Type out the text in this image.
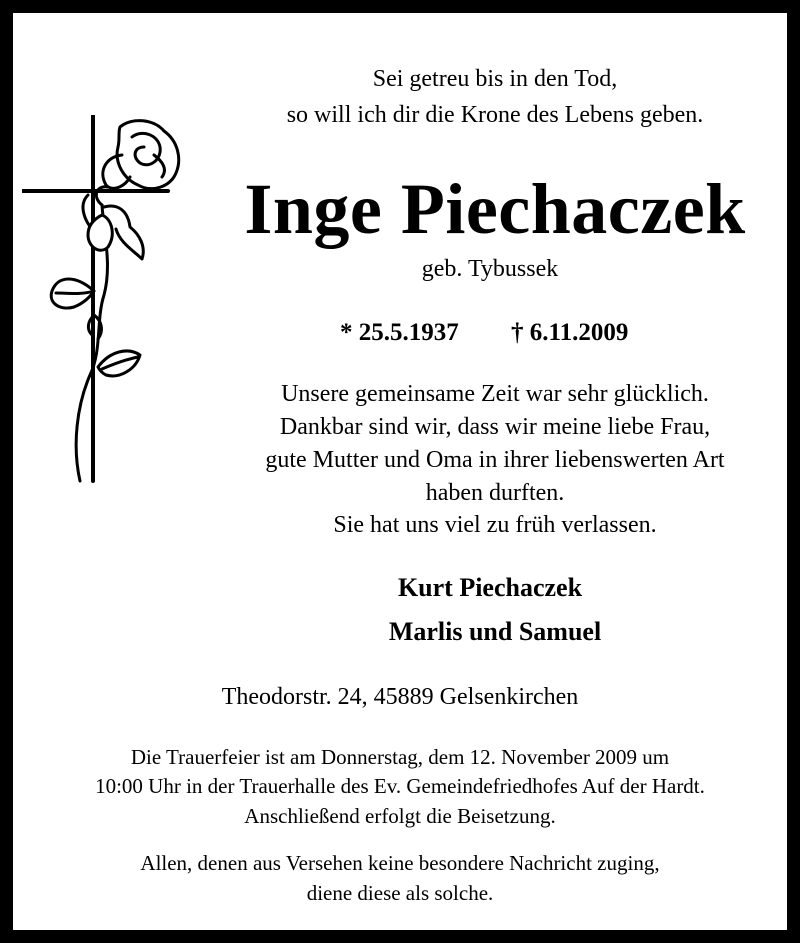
Sei getreu bis in den Tod,
so will ich dir die Krone des Lebens geben.
Inge Piechaczek
geb. Tybussek
* 25.5.1937 † 6.11.2009
Unsere gemeinsame Zeit war sehr glücklich.
Dankbar sind wir, dass wir meine liebe Frau,
gute Mutter und Oma in ihrer liebenswerten Art
haben durften.
Sie hat uns viel zu früh verlassen.
Kurt Piechaczek
Marlis und Samuel
Theodorstr. 24, 45889 Gelsenkirchen
Die Trauerfeier ist am Donnerstag, dem 12. November 2009 um
10:00 Uhr in der Trauerhalle des Ev. Gemeindefriedhofes Auf der Hardt.
Anschließend erfolgt die Beisetzung.
Allen, denen aus Versehen keine besondere Nachricht zuging,
diene diese als solche.
